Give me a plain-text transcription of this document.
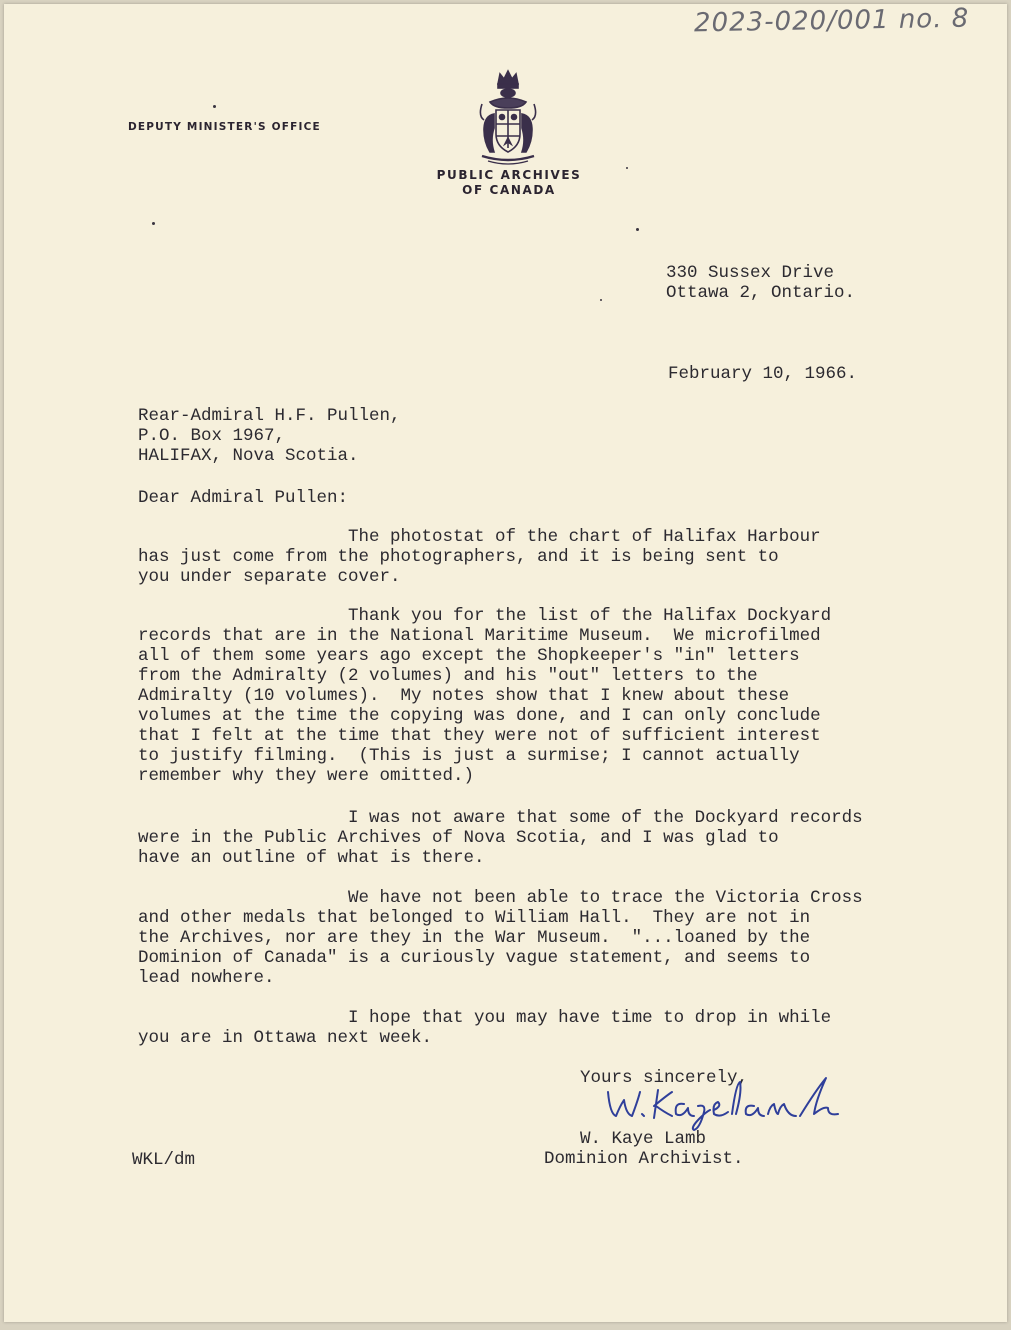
2023-020/001 no. 8
DEPUTY MINISTER'S OFFICE
PUBLIC ARCHIVES
OF CANADA
330 Sussex Drive
Ottawa 2, Ontario.
February 10, 1966.
Rear-Admiral H.F. Pullen,
P.O. Box 1967,
HALIFAX, Nova Scotia.
Dear Admiral Pullen:
The photostat of the chart of Halifax Harbour
has just come from the photographers, and it is being sent to
you under separate cover.
Thank you for the list of the Halifax Dockyard
records that are in the National Maritime Museum.  We microfilmed
all of them some years ago except the Shopkeeper's "in" letters
from the Admiralty (2 volumes) and his "out" letters to the
Admiralty (10 volumes).  My notes show that I knew about these
volumes at the time the copying was done, and I can only conclude
that I felt at the time that they were not of sufficient interest
to justify filming.  (This is just a surmise; I cannot actually
remember why they were omitted.)
I was not aware that some of the Dockyard records
were in the Public Archives of Nova Scotia, and I was glad to
have an outline of what is there.
We have not been able to trace the Victoria Cross
and other medals that belonged to William Hall.  They are not in
the Archives, nor are they in the War Museum.  "...loaned by the
Dominion of Canada" is a curiously vague statement, and seems to
lead nowhere.
I hope that you may have time to drop in while
you are in Ottawa next week.
Yours sincerely,
W. Kaye Lamb
Dominion Archivist.
WKL/dm
